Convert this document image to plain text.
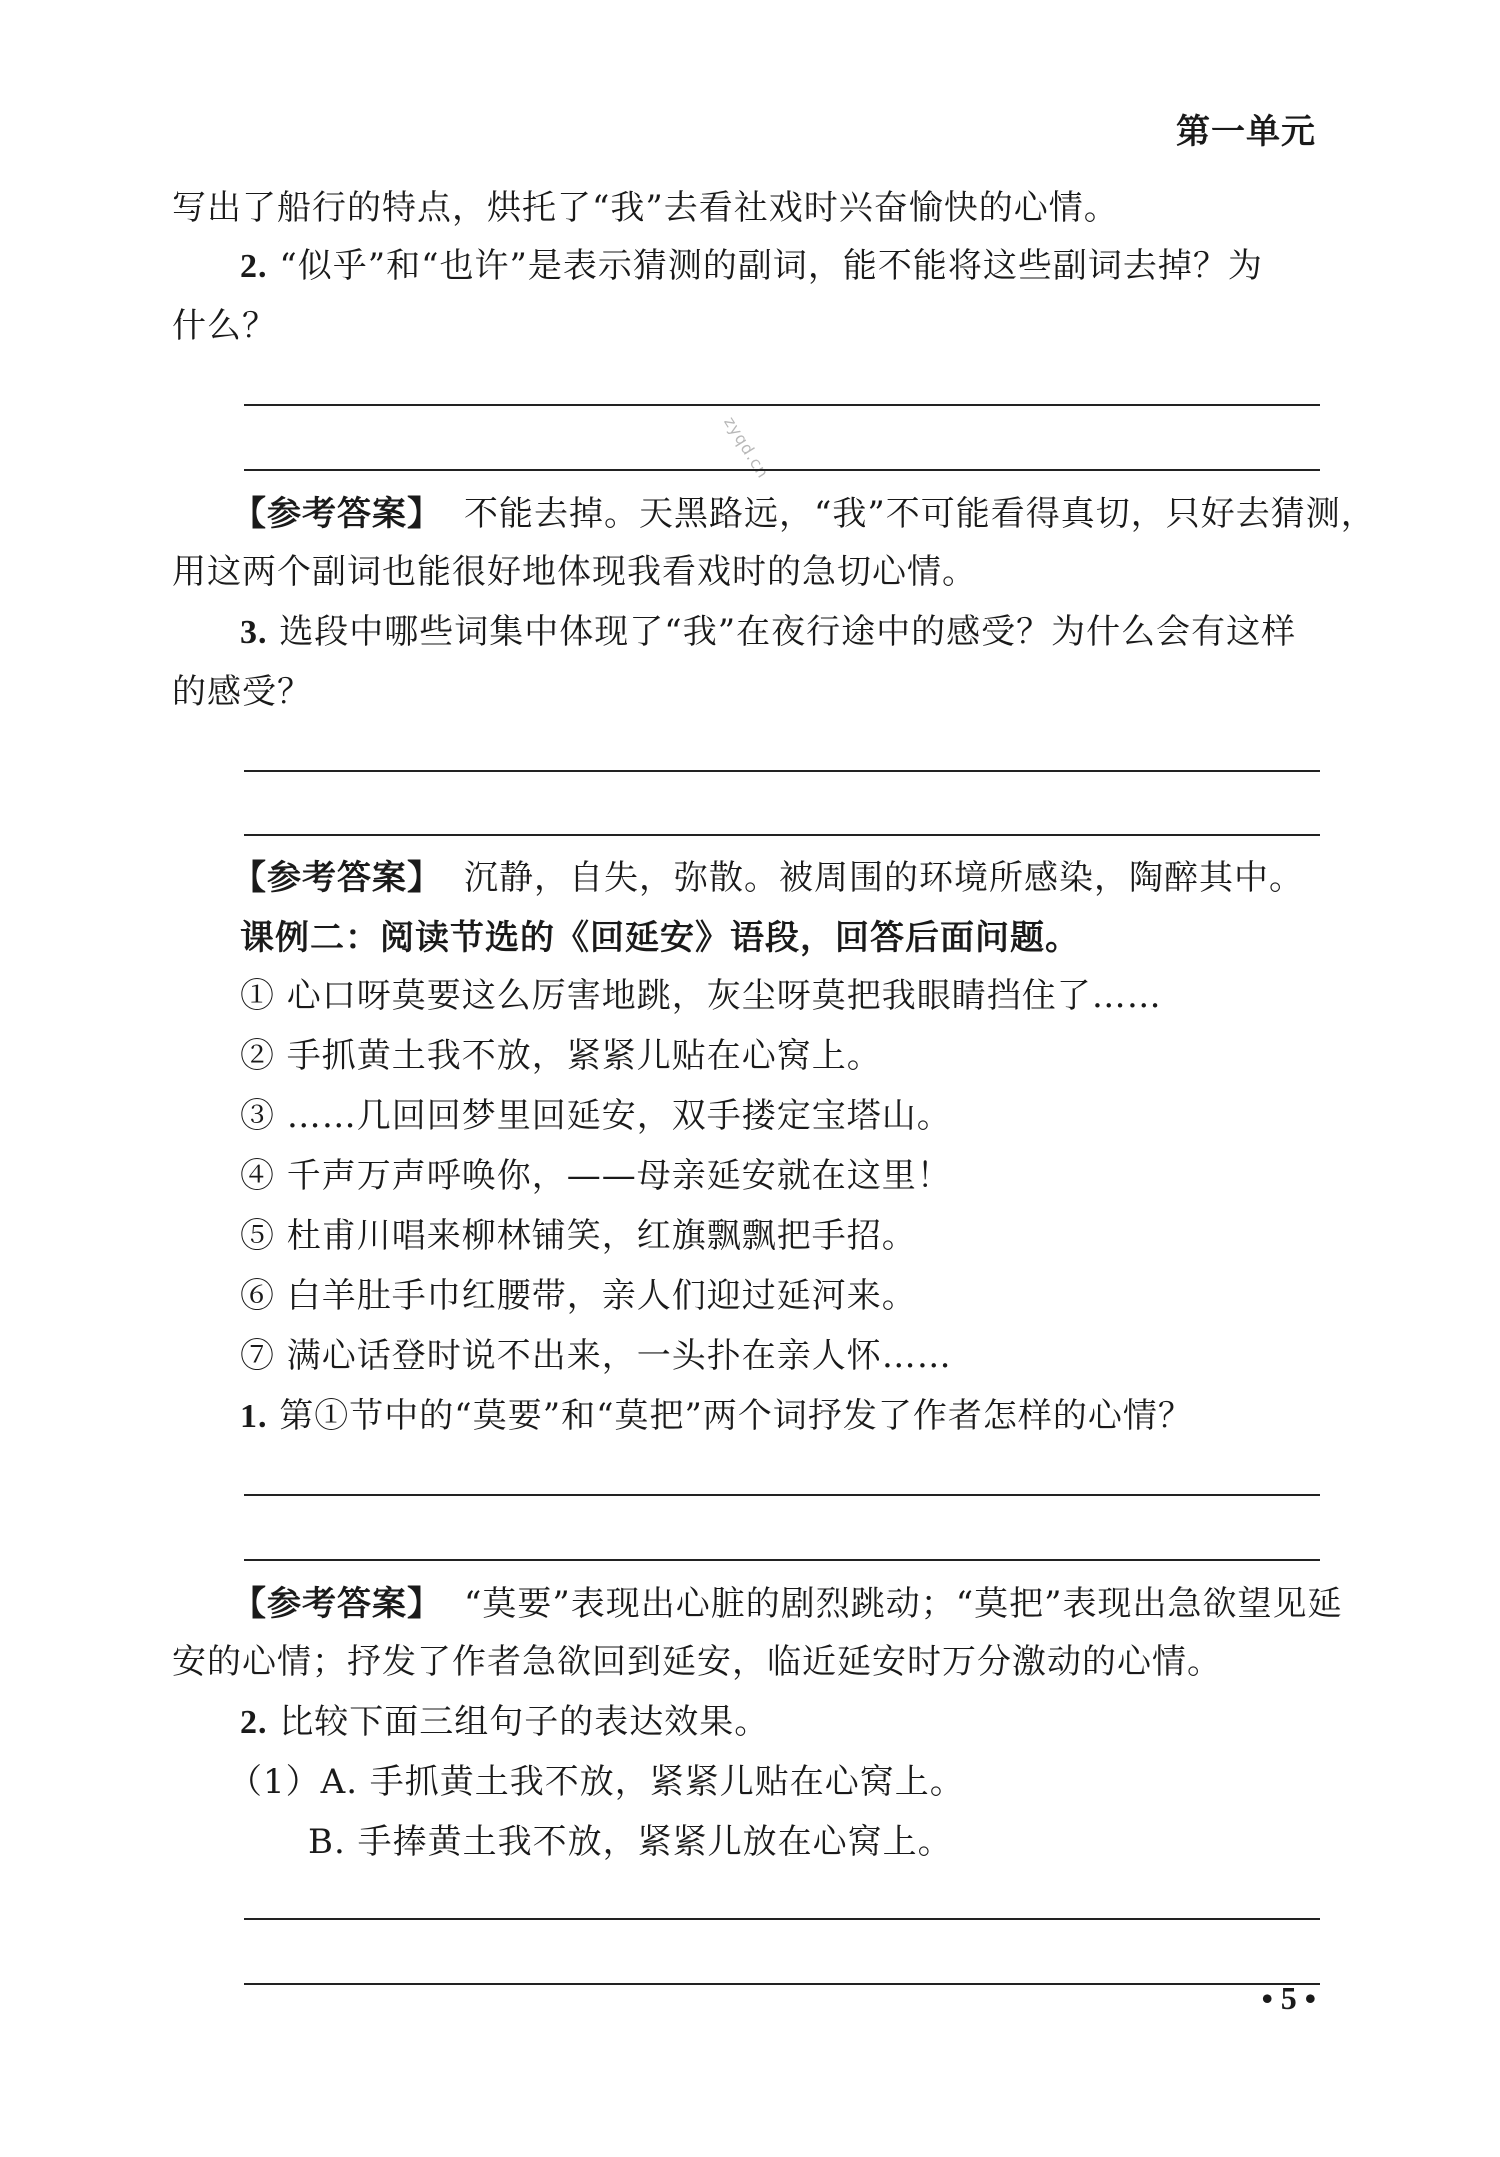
第一单元
写出了船行的特点，烘托了“我”去看社戏时兴奋愉快的心情。
2. “似乎”和“也许”是表示猜测的副词，能不能将这些副词去掉？为
什么？
zyqd.cn
【参考答案】 不能去掉。天黑路远，“我”不可能看得真切，只好去猜测，
用这两个副词也能很好地体现我看戏时的急切心情。
3. 选段中哪些词集中体现了“我”在夜行途中的感受？为什么会有这样
的感受？
【参考答案】 沉静，自失，弥散。被周围的环境所感染，陶醉其中。
课例二：阅读节选的《回延安》语段，回答后面问题。
① 心口呀莫要这么厉害地跳，灰尘呀莫把我眼睛挡住了……
② 手抓黄土我不放，紧紧儿贴在心窝上。
③ ……几回回梦里回延安，双手搂定宝塔山。
④ 千声万声呼唤你，——母亲延安就在这里！
⑤ 杜甫川唱来柳林铺笑，红旗飘飘把手招。
⑥ 白羊肚手巾红腰带，亲人们迎过延河来。
⑦ 满心话登时说不出来，一头扑在亲人怀……
1. 第①节中的“莫要”和“莫把”两个词抒发了作者怎样的心情？
【参考答案】 “莫要”表现出心脏的剧烈跳动；“莫把”表现出急欲望见延
安的心情；抒发了作者急欲回到延安，临近延安时万分激动的心情。
2. 比较下面三组句子的表达效果。
（1）A. 手抓黄土我不放，紧紧儿贴在心窝上。
B. 手捧黄土我不放，紧紧儿放在心窝上。
• 5 •
